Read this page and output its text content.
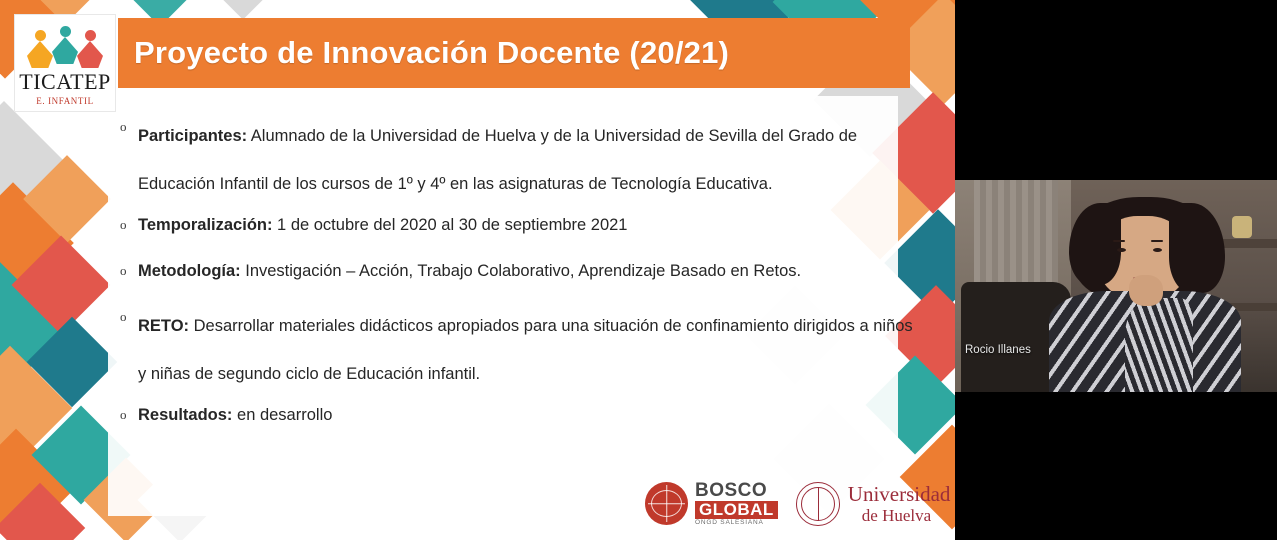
TICATEP
E. INFANTIL
Proyecto de Innovación Docente (20/21)
o
Participantes: Alumnado de la Universidad de Huelva y de la Universidad de Sevilla del Grado de Educación Infantil de los cursos de 1º y 4º en las asignaturas de Tecnología Educativa.
o Temporalización: 1 de octubre del 2020 al 30 de septiembre 2021
o Metodología: Investigación – Acción, Trabajo Colaborativo, Aprendizaje Basado en Retos.
o
RETO: Desarrollar materiales didácticos apropiados para una situación de confinamiento dirigidos a niños y niñas de segundo ciclo de Educación infantil.
o Resultados: en desarrollo
BOSCO
GLOBAL
ONGD SALESIANA
Universidad
de Huelva
Rocio Illanes
